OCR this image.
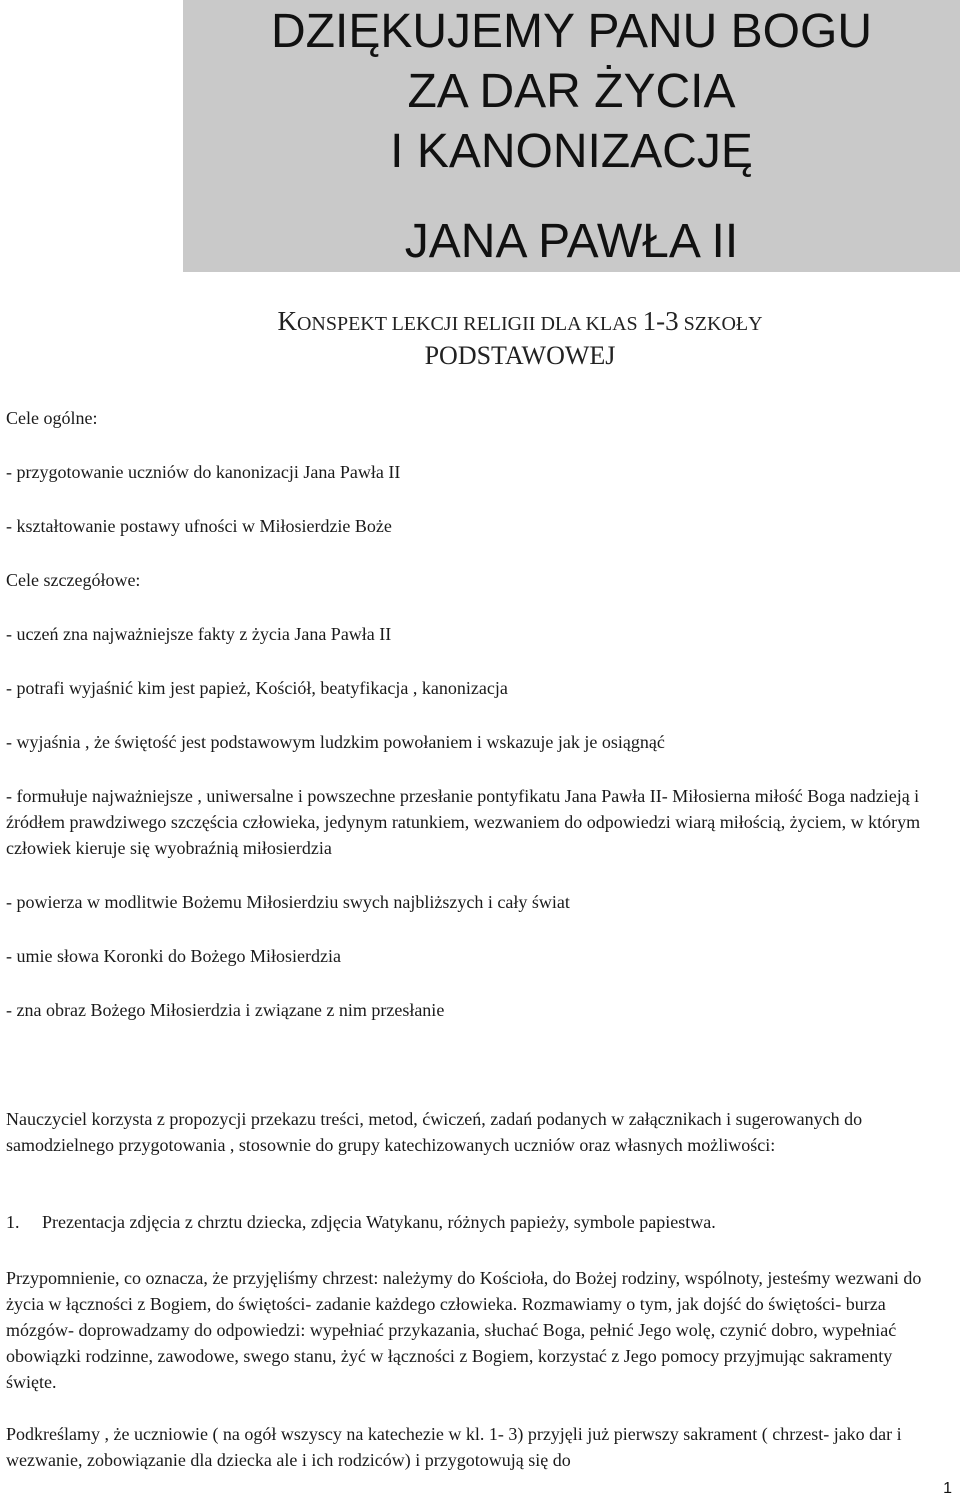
DZIĘKUJEMY PANU BOGU
ZA DAR ŻYCIA
I KANONIZACJĘ
JANA PAWŁA II
KONSPEKT LEKCJI RELIGII DLA KLAS 1-3 SZKOŁY
PODSTAWOWEJ
Cele ogólne:
- przygotowanie uczniów do kanonizacji Jana Pawła II
- kształtowanie postawy ufności w Miłosierdzie Boże
Cele szczegółowe:
- uczeń zna najważniejsze fakty z życia Jana Pawła II
- potrafi wyjaśnić kim jest papież, Kościół, beatyfikacja , kanonizacja
- wyjaśnia , że świętość jest podstawowym ludzkim powołaniem i wskazuje jak je osiągnąć
- formułuje najważniejsze , uniwersalne i powszechne przesłanie pontyfikatu Jana Pawła II- Miłosierna miłość Boga nadzieją i źródłem prawdziwego szczęścia człowieka, jedynym ratunkiem, wezwaniem do odpowiedzi wiarą miłością, życiem, w którym człowiek kieruje się wyobraźnią miłosierdzia
- powierza w modlitwie Bożemu Miłosierdziu swych najbliższych i cały świat
- umie słowa Koronki do Bożego Miłosierdzia
- zna obraz Bożego Miłosierdzia i związane z nim przesłanie
Nauczyciel korzysta z propozycji przekazu treści, metod, ćwiczeń, zadań podanych w załącznikach i sugerowanych do samodzielnego przygotowania , stosownie do grupy katechizowanych uczniów oraz własnych możliwości:
1. Prezentacja zdjęcia z chrztu dziecka, zdjęcia Watykanu, różnych papieży, symbole papiestwa.
Przypomnienie, co oznacza, że przyjęliśmy chrzest: należymy do Kościoła, do Bożej rodziny, wspólnoty, jesteśmy wezwani do życia w łączności z Bogiem, do świętości- zadanie każdego człowieka. Rozmawiamy o tym, jak dojść do świętości- burza mózgów- doprowadzamy do odpowiedzi: wypełniać przykazania, słuchać Boga, pełnić Jego wolę, czynić dobro, wypełniać obowiązki rodzinne, zawodowe, swego stanu, żyć w łączności z Bogiem, korzystać z Jego pomocy przyjmując sakramenty święte.
Podkreślamy , że uczniowie ( na ogół wszyscy na katechezie w kl. 1- 3) przyjęli już pierwszy sakrament ( chrzest- jako dar i wezwanie, zobowiązanie dla dziecka ale i ich rodziców) i przygotowują się do
1
